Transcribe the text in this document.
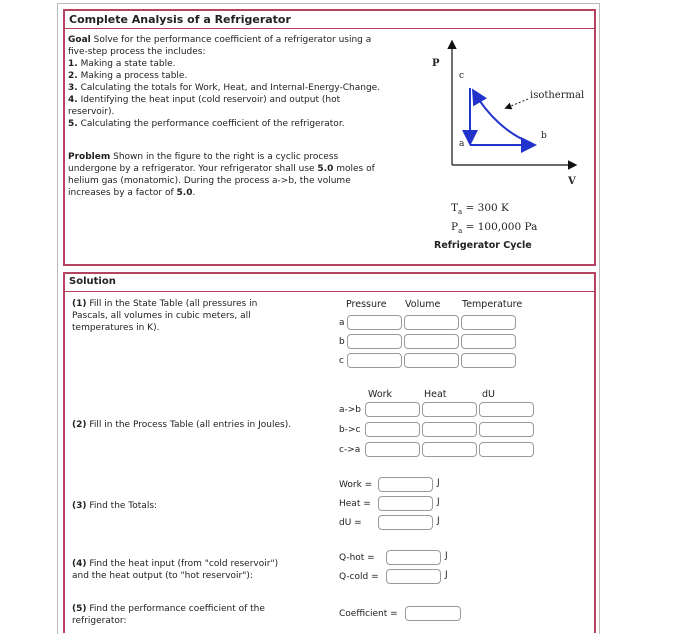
Complete Analysis of a Refrigerator
Goal Solve for the performance coefficient of a refrigerator using a
five-step process the includes:
1. Making a state table.
2. Making a process table.
3. Calculating the totals for Work, Heat, and Internal-Energy-Change.
4. Identifying the heat input (cold reservoir) and output (hot
reservoir).
5. Calculating the performance coefficient of the refrigerator.
Problem Shown in the figure to the right is a cyclic process
undergone by a refrigerator. Your refrigerator shall use 5.0 moles of
helium gas (monatomic). During the process a->b, the volume
increases by a factor of 5.0.
P
V
c
a
b
isothermal
$T_a = 300$ K
$P_a = 100,000$ Pa
Refrigerator Cycle
Solution
(1) Fill in the State Table (all pressures in
Pascals, all volumes in cubic meters, all
temperatures in K).
Pressure Volume Temperature
a
b
c
(2) Fill in the Process Table (all entries in Joules).
Work	Heat	dU
a->b
b->c
c->a
(3) Find the Totals:
Work =
Heat =
dU =
J
J
J
(4) Find the heat input (from "cold reservoir")
and the heat output (to "hot reservoir"):
Q-hot =
Q-cold =
J
J
(5) Find the performance coefficient of the
refrigerator:
Coefficient =
